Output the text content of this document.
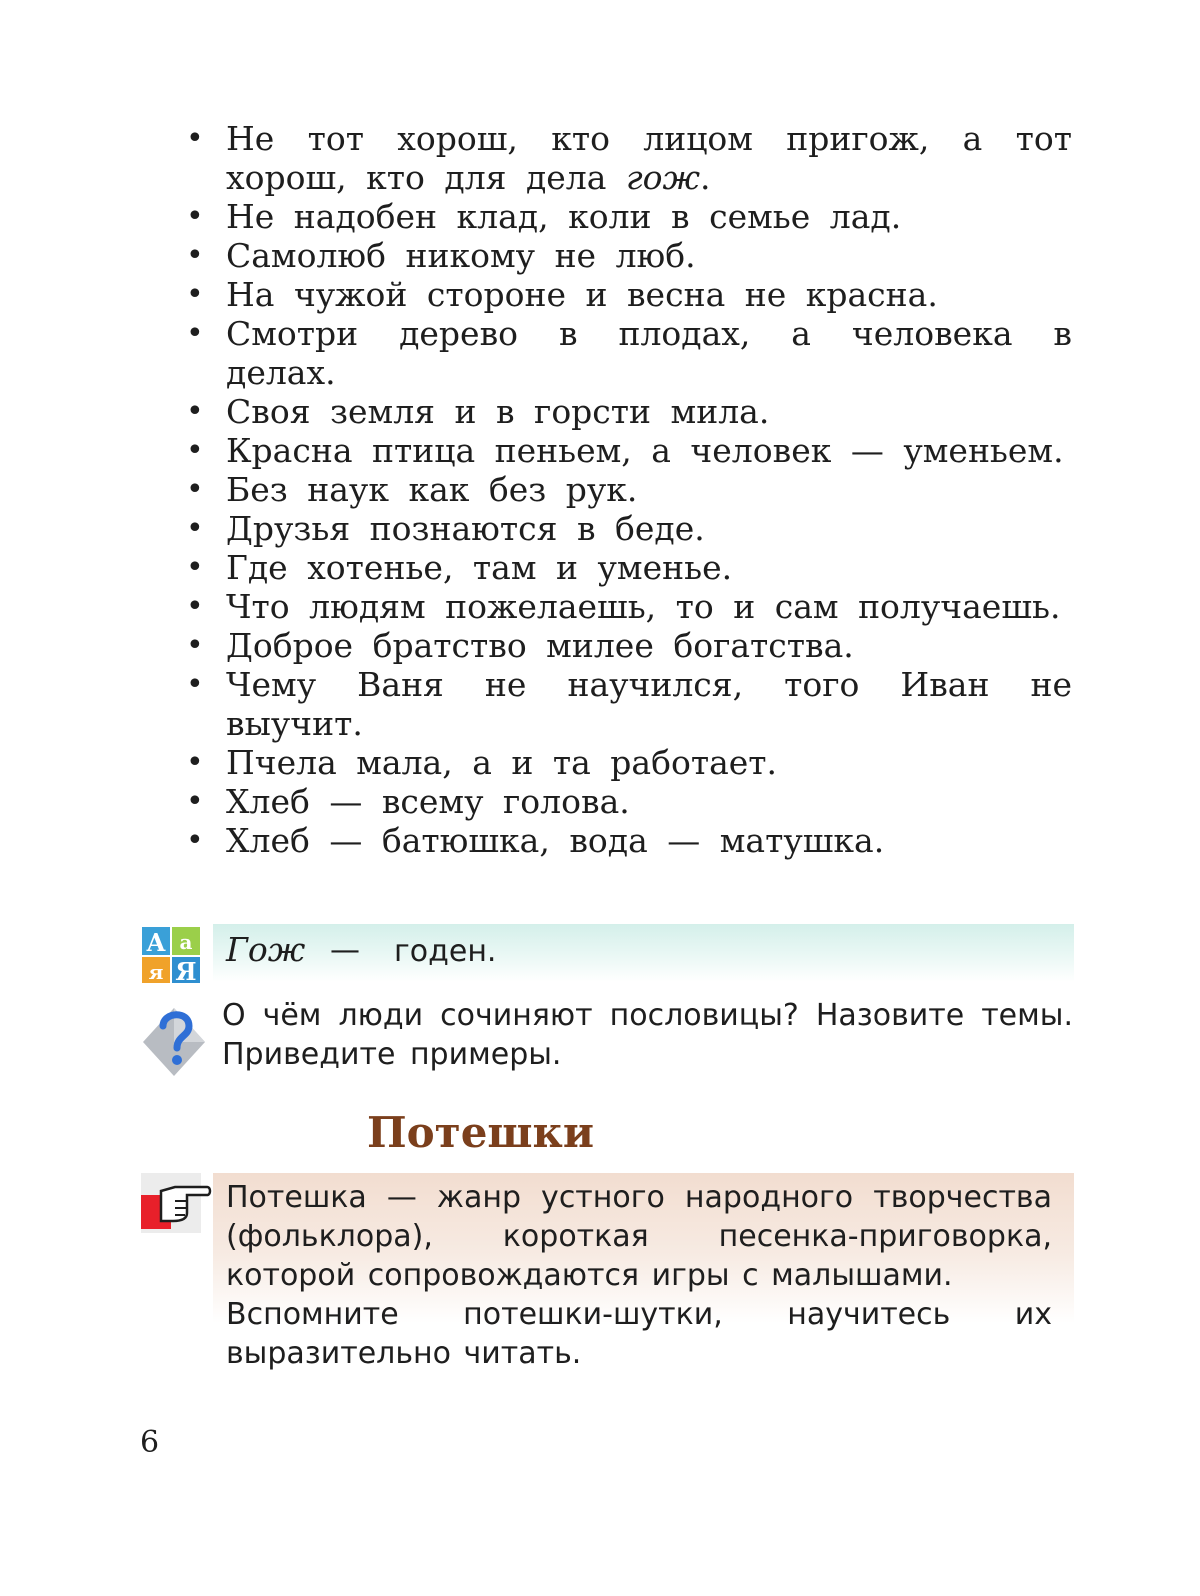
• Не тот хорош, кто лицом пригож, а тот хорош, кто для дела гож.
• Не надобен клад, коли в семье лад.
• Самолюб никому не люб.
• На чужой стороне и весна не красна.
• Смотри дерево в плодах, а человека в делах.
• Своя земля и в горсти мила.
• Красна птица пеньем, а человек — уменьем.
• Без наук как без рук.
• Друзья познаются в беде.
• Где хотенье, там и уменье.
• Что людям пожелаешь, то и сам получаешь.
• Доброе братство милее богатства.
• Чему Ваня не научился, того Иван не выучит.
• Пчела мала, а и та работает.
• Хлеб — всему голова.
• Хлеб — батюшка, вода — матушка.
А а
я Я
Гож — годен.
О чём люди сочиняют пословицы? Назовите темы. Приведите примеры.
Потешки

Потешка — жанр устного народного творчества (фольклора), короткая песенка-приговорка, которой сопровождаются игры с малышами.

Вспомните потешки-шутки, научитесь их выразительно читать.

6
